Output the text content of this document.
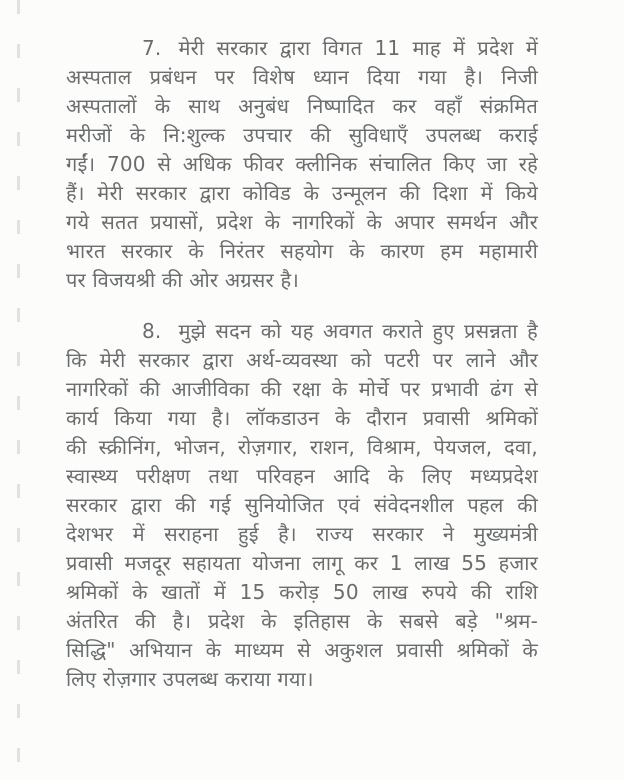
7. मेरी सरकार द्वारा विगत 11 माह में प्रदेश में
अस्पताल प्रबंधन पर विशेष ध्यान दिया गया है। निजी
अस्पतालों के साथ अनुबंध निष्पादित कर वहाँ संक्रमित
मरीजों के नि:शुल्क उपचार की सुविधाएँ उपलब्ध कराई
गईं। 700 से अधिक फीवर क्लीनिक संचालित किए जा रहे
हैं। मेरी सरकार द्वारा कोविड के उन्मूलन की दिशा में किये
गये सतत प्रयासों, प्रदेश के नागरिकों के अपार समर्थन और
भारत सरकार के निरंतर सहयोग के कारण हम महामारी
पर विजयश्री की ओर अग्रसर है।
8. मुझे सदन को यह अवगत कराते हुए प्रसन्नता है
कि मेरी सरकार द्वारा अर्थ-व्यवस्था को पटरी पर लाने और
नागरिकों की आजीविका की रक्षा के मोर्चे पर प्रभावी ढंग से
कार्य किया गया है। लॉकडाउन के दौरान प्रवासी श्रमिकों
की स्क्रीनिंग, भोजन, रोज़गार, राशन, विश्राम, पेयजल, दवा,
स्वास्थ्य परीक्षण तथा परिवहन आदि के लिए मध्यप्रदेश
सरकार द्वारा की गई सुनियोजित एवं संवेदनशील पहल की
देशभर में सराहना हुई है। राज्य सरकार ने मुख्यमंत्री
प्रवासी मजदूर सहायता योजना लागू कर 1 लाख 55 हजार
श्रमिकों के खातों में 15 करोड़ 50 लाख रुपये की राशि
अंतरित की है। प्रदेश के इतिहास के सबसे बड़े "श्रम-
सिद्धि" अभियान के माध्यम से अकुशल प्रवासी श्रमिकों के
लिए रोज़गार उपलब्ध कराया गया।
